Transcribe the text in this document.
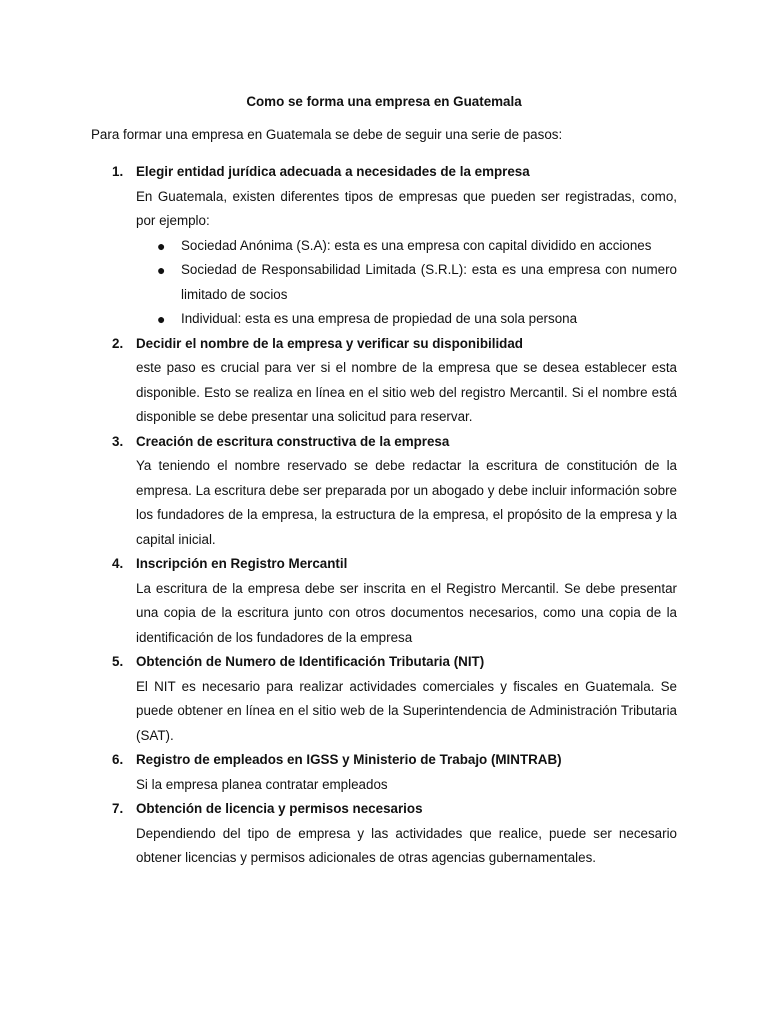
Como se forma una empresa en Guatemala

Para formar una empresa en Guatemala se debe de seguir una serie de pasos:

1. Elegir entidad jurídica adecuada a necesidades de la empresa

En Guatemala, existen diferentes tipos de empresas que pueden ser registradas, como, por ejemplo:

● Sociedad Anónima (S.A): esta es una empresa con capital dividido en acciones
● Sociedad de Responsabilidad Limitada (S.R.L): esta es una empresa con numero limitado de socios
● Individual: esta es una empresa de propiedad de una sola persona
2. Decidir el nombre de la empresa y verificar su disponibilidad

este paso es crucial para ver si el nombre de la empresa que se desea establecer esta disponible. Esto se realiza en línea en el sitio web del registro Mercantil. Si el nombre está disponible se debe presentar una solicitud para reservar.

3. Creación de escritura constructiva de la empresa

Ya teniendo el nombre reservado se debe redactar la escritura de constitución de la empresa. La escritura debe ser preparada por un abogado y debe incluir información sobre los fundadores de la empresa, la estructura de la empresa, el propósito de la empresa y la capital inicial.

4. Inscripción en Registro Mercantil

La escritura de la empresa debe ser inscrita en el Registro Mercantil. Se debe presentar una copia de la escritura junto con otros documentos necesarios, como una copia de la identificación de los fundadores de la empresa

5. Obtención de Numero de Identificación Tributaria (NIT)

El NIT es necesario para realizar actividades comerciales y fiscales en Guatemala. Se puede obtener en línea en el sitio web de la Superintendencia de Administración Tributaria (SAT).

6. Registro de empleados en IGSS y Ministerio de Trabajo (MINTRAB)

Si la empresa planea contratar empleados

7. Obtención de licencia y permisos necesarios

Dependiendo del tipo de empresa y las actividades que realice, puede ser necesario obtener licencias y permisos adicionales de otras agencias gubernamentales.
